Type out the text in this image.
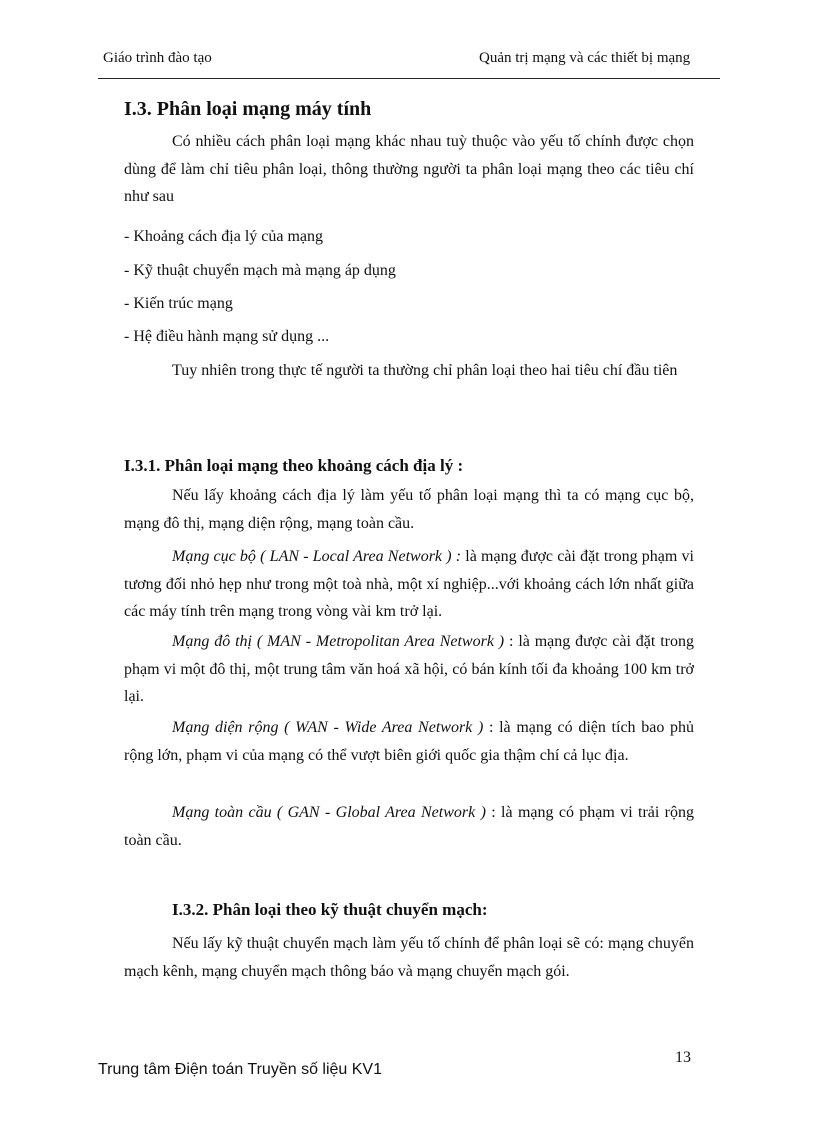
Giáo trình đào tạo	Quản trị mạng và các thiết bị mạng
I.3. Phân loại mạng máy tính

Có nhiều cách phân loại mạng khác nhau tuỳ thuộc vào yếu tố chính được chọn dùng để làm chỉ tiêu phân loại, thông thường người ta phân loại mạng theo các tiêu chí như sau

- Khoảng cách địa lý của mạng
- Kỹ thuật chuyển mạch mà mạng áp dụng
- Kiến trúc mạng
- Hệ điều hành mạng sử dụng ...

Tuy nhiên trong thực tế người ta thường chỉ phân loại theo hai tiêu chí đầu tiên

I.3.1. Phân loại mạng theo khoảng cách địa lý :

Nếu lấy khoảng cách địa lý làm yếu tố phân loại mạng thì ta có mạng cục bộ, mạng đô thị, mạng diện rộng, mạng toàn cầu.

Mạng cục bộ ( LAN - Local Area Network ) : là mạng được cài đặt trong phạm vi tương đối nhỏ hẹp như trong một toà nhà, một xí nghiệp...với khoảng cách lớn nhất giữa các máy tính trên mạng trong vòng vài km trở lại.

Mạng đô thị ( MAN - Metropolitan Area Network ) : là mạng được cài đặt trong phạm vi một đô thị, một trung tâm văn hoá xã hội, có bán kính tối đa khoảng 100 km trở lại.

Mạng diện rộng ( WAN - Wide Area Network ) : là mạng có diện tích bao phủ rộng lớn, phạm vi của mạng có thể vượt biên giới quốc gia thậm chí cả lục địa.

Mạng toàn cầu ( GAN - Global Area Network ) : là mạng có phạm vi trải rộng toàn cầu.

I.3.2. Phân loại theo kỹ thuật chuyển mạch:

Nếu lấy kỹ thuật chuyển mạch làm yếu tố chính để phân loại sẽ có: mạng chuyển mạch kênh, mạng chuyển mạch thông báo và mạng chuyển mạch gói.

13
Trung tâm Điện toán Truyền số liệu KV1
